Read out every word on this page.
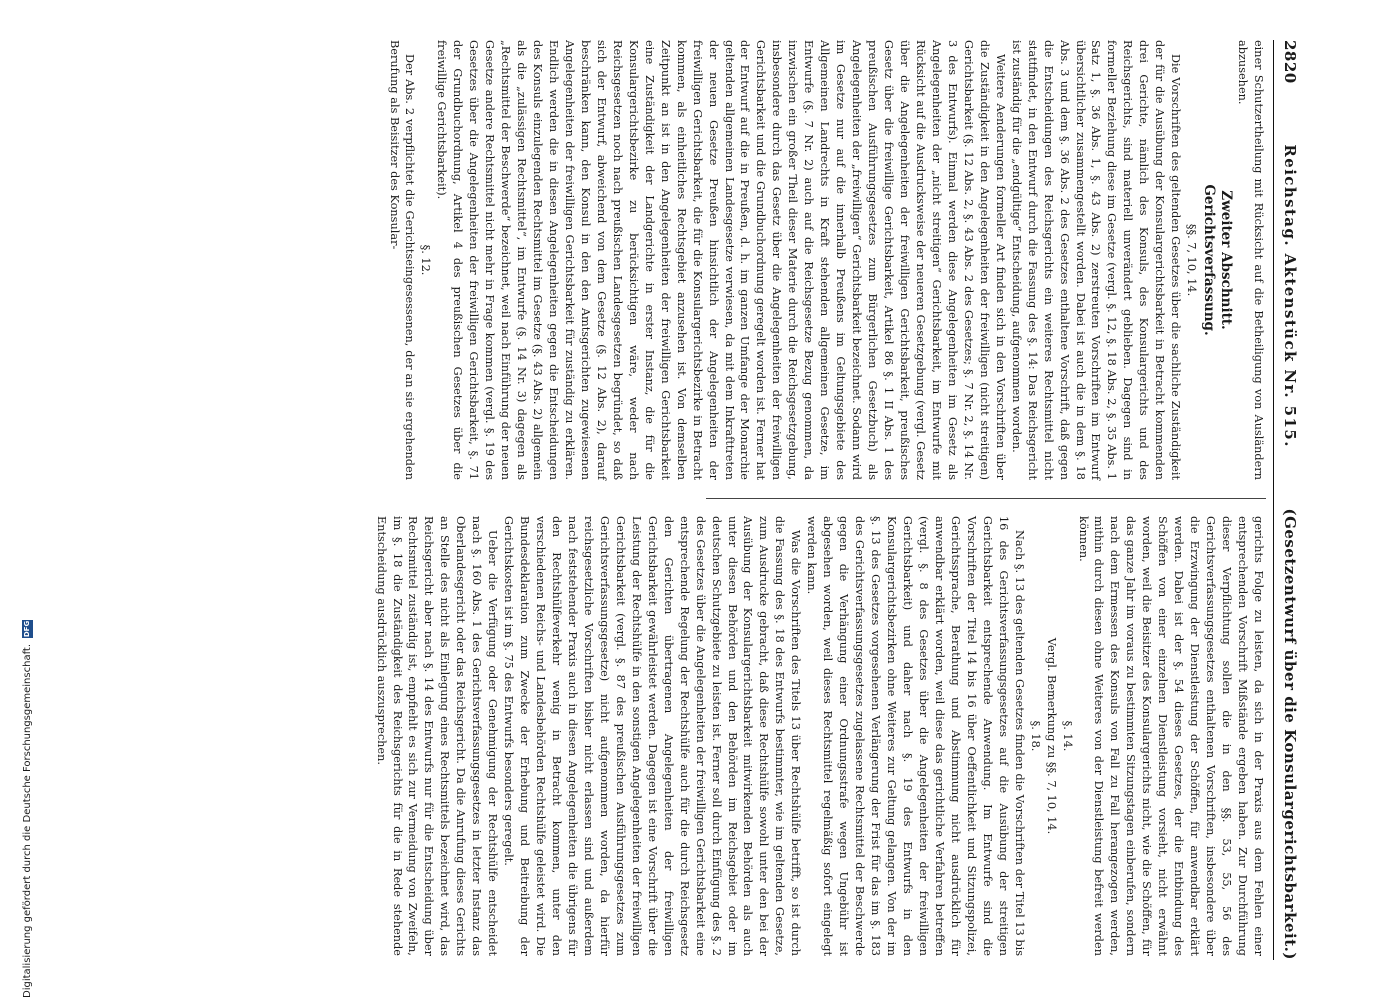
2820
Reichstag. Aktenstück Nr. 515.
(Gesetzentwurf über die Konsulargerichtsbarkeit.)

einer Schutzertheilung mit Rücksicht auf die Betheiligung von Ausländern abzusehen.

Zweiter Abschnitt.
Gerichtsverfassung.

§§. 7, 10, 14.

Die Vorschriften des geltenden Gesetzes über die sachliche Zuständigkeit der für die Ausübung der Konsulargerichtsbarkeit in Betracht kommenden drei Gerichte, nämlich des Konsuls, des Konsulargerichts und des Reichsgerichts, sind materiell unverändert geblieben. Dagegen sind in formeller Beziehung diese im Gesetze (vergl. §. 12, §. 18 Abs. 2, §. 35 Abs. 1 Satz 1, §. 36 Abs. 1, §. 43 Abs. 2) zerstreuten Vorschriften im Entwurf übersichtlicher zusammengestellt worden. Dabei ist auch die in dem §. 18 Abs. 3 und dem §. 36 Abs. 2 des Gesetzes enthaltene Vorschrift, daß gegen die Entscheidungen des Reichsgerichts ein weiteres Rechtsmittel nicht stattfindet, in den Entwurf durch die Fassung des §. 14: Das Reichsgericht ist zuständig für die „endgültige“ Entscheidung, aufgenommen worden.

Weitere Aenderungen formeller Art finden sich in den Vorschriften über die Zuständigkeit in den Angelegenheiten der freiwilligen (nicht streitigen) Gerichtsbarkeit (§. 12 Abs. 2, §. 43 Abs. 2 des Gesetzes; §. 7 Nr. 2, §. 14 Nr. 3 des Entwurfs). Einmal werden diese Angelegenheiten im Gesetz als Angelegenheiten der „nicht streitigen“ Gerichtsbarkeit, im Entwurfe mit Rücksicht auf die Ausdrucksweise der neueren Gesetzgebung (vergl. Gesetz über die Angelegenheiten der freiwilligen Gerichtsbarkeit, preußisches Gesetz über die freiwillige Gerichtsbarkeit, Artikel 86 §. 1 II Abs. 1 des preußischen Ausführungsgesetzes zum Bürgerlichen Gesetzbuch) als Angelegenheiten der „freiwilligen“ Gerichtsbarkeit bezeichnet. Sodann wird im Gesetze nur auf die innerhalb Preußens im Geltungsgebiete des Allgemeinen Landrechts in Kraft stehenden allgemeinen Gesetze, im Entwurfe (§. 7 Nr. 2) auch auf die Reichsgesetze Bezug genommen, da inzwischen ein großer Theil dieser Materie durch die Reichsgesetzgebung, insbesondere durch das Gesetz über die Angelegenheiten der freiwilligen Gerichtsbarkeit und die Grundbuchordnung geregelt worden ist. Ferner hat der Entwurf auf die in Preußen, d. h. im ganzen Umfange der Monarchie geltenden allgemeinen Landesgesetze verwiesen, da mit dem Inkrafttreten der neuen Gesetze Preußen hinsichtlich der Angelegenheiten der freiwilligen Gerichtsbarkeit, die für die Konsulargerichtsbezirke in Betracht kommen, als einheitliches Rechtsgebiet anzusehen ist. Von demselben Zeitpunkt an ist in den Angelegenheiten der freiwilligen Gerichtsbarkeit eine Zuständigkeit der Landgerichte in erster Instanz, die für die Konsulargerichtsbezirke zu berücksichtigen wäre, weder nach Reichsgesetzen noch nach preußischen Landesgesetzen begründet, so daß sich der Entwurf, abweichend von dem Gesetze (§. 12 Abs. 2), darauf beschränken kann, den Konsul in den den Amtsgerichten zugewiesenen Angelegenheiten der freiwilligen Gerichtsbarkeit für zuständig zu erklären. Endlich werden die in diesen Angelegenheiten gegen die Entscheidungen des Konsuls einzulegenden Rechtsmittel im Gesetze (§. 43 Abs. 2) allgemein als die „zulässigen Rechtsmittel“, im Entwurfe (§. 14 Nr. 3) dagegen als „Rechtsmittel der Beschwerde“ bezeichnet, weil nach Einführung der neuen Gesetze andere Rechtsmittel nicht mehr in Frage kommen (vergl. §. 19 des Gesetzes über die Angelegenheiten der freiwilligen Gerichtsbarkeit, §. 71 der Grundbuchordnung, Artikel 4 des preußischen Gesetzes über die freiwillige Gerichtsbarkeit).

§. 12.

Der Abs. 2 verpflichtet die Gerichtseingesessenen, der an sie ergehenden Berufung als Beisitzer des Konsular-

gerichts Folge zu leisten, da sich in der Praxis aus dem Fehlen einer entsprechenden Vorschrift Mißstände ergeben haben. Zur Durchführung dieser Verpflichtung sollen die in den §§. 53, 55, 56 des Gerichtsverfassungsgesetzes enthaltenen Vorschriften, insbesondere über die Erzwingung der Dienstleistung der Schöffen, für anwendbar erklärt werden. Dabei ist der §. 54 dieses Gesetzes, der die Entbindung des Schöffen von einer einzelnen Dienstleistung vorsieht, nicht erwähnt worden, weil die Beisitzer des Konsulargerichts nicht, wie die Schöffen, für das ganze Jahr im voraus zu bestimmten Sitzungstagen einberufen, sondern nach dem Ermessen des Konsuls von Fall zu Fall herangezogen werden, mithin durch diesen ohne Weiteres von der Dienstleistung befreit werden können.

§. 14.

Vergl. Bemerkung zu §§. 7, 10, 14.

§. 18.

Nach §. 13 des geltenden Gesetzes finden die Vorschriften der Titel 13 bis 16 des Gerichtsverfassungsgesetzes auf die Ausübung der streitigen Gerichtsbarkeit entsprechende Anwendung. Im Entwurfe sind die Vorschriften der Titel 14 bis 16 über Oeffentlichkeit und Sitzungspolizei, Gerichtssprache, Berathung und Abstimmung nicht ausdrücklich für anwendbar erklärt worden, weil diese das gerichtliche Verfahren betreffen (vergl. §. 8 des Gesetzes über die Angelegenheiten der freiwilligen Gerichtsbarkeit) und daher nach §. 19 des Entwurfs in den Konsulargerichtsbezirken ohne Weiteres zur Geltung gelangen. Von der im §. 13 des Gesetzes vorgesehenen Verlängerung der Frist für das im §. 183 des Gerichtsverfassungsgesetzes zugelassene Rechtsmittel der Beschwerde gegen die Verhängung einer Ordnungsstrafe wegen Ungebühr ist abgesehen worden, weil dieses Rechtsmittel regelmäßig sofort eingelegt werden kann.

Was die Vorschriften des Titels 13 über Rechtshülfe betrifft, so ist durch die Fassung des §. 18 des Entwurfs bestimmter, wie im geltenden Gesetze, zum Ausdrucke gebracht, daß diese Rechtshülfe sowohl unter den bei der Ausübung der Konsulargerichtsbarkeit mitwirkenden Behörden als auch unter diesen Behörden und den Behörden im Reichsgebiet oder im deutschen Schutzgebiete zu leisten ist. Ferner soll durch Einfügung des §. 2 des Gesetzes über die Angelegenheiten der freiwilligen Gerichtsbarkeit eine entsprechende Regelung der Rechtshülfe auch für die durch Reichsgesetz den Gerichten übertragenen Angelegenheiten der freiwilligen Gerichtsbarkeit gewährleistet werden. Dagegen ist eine Vorschrift über die Leistung der Rechtshülfe in den sonstigen Angelegenheiten der freiwilligen Gerichtsbarkeit (vergl. §. 87 des preußischen Ausführungsgesetzes zum Gerichtsverfassungsgesetze) nicht aufgenommen worden, da hierfür reichsgesetzliche Vorschriften bisher nicht erlassen sind und außerdem nach feststehender Praxis auch in diesen Angelegenheiten die übrigens für den Rechtshülfeverkehr wenig in Betracht kommen, unter den verschiedenen Reichs- und Landesbehörden Rechtshülfe geleistet wird. Die Bundesdeklaration zum Zwecke der Erhebung und Beitreibung der Gerichtskosten ist im §. 75 des Entwurfs besonders geregelt.

Ueber die Verfügung oder Genehmigung der Rechtshülfe entscheidet nach §. 160 Abs. 1 des Gerichtsverfassungsgesetzes in letzter Instanz das Oberlandesgericht oder das Reichsgericht. Da die Anrufung dieses Gerichts an Stelle des nicht als Einlegung eines Rechtsmittels bezeichnet wird, das Reichsgericht aber nach §. 14 des Entwurfs nur für die Entscheidung über Rechtsmittel zuständig ist, empfiehlt es sich zur Vermeidung von Zweifeln, im §. 18 die Zuständigkeit des Reichsgerichts für die in Rede stehende Entscheidung ausdrücklich auszusprechen.

Digitalisierung gefördert durch die Deutsche Forschungsgemeinschaft.
DFG
